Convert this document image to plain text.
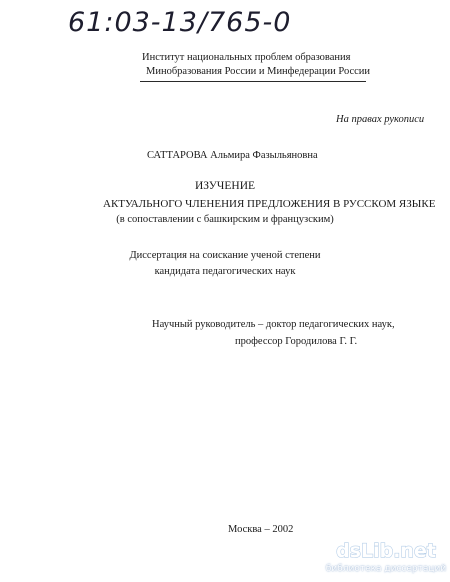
61:03-13/765-0
Институт национальных проблем образования
Минобразования России и Минфедерации России
На правах рукописи
САТТАРОВА Альмира Фазыльяновна
ИЗУЧЕНИЕ
АКТУАЛЬНОГО ЧЛЕНЕНИЯ ПРЕДЛОЖЕНИЯ В РУССКОМ ЯЗЫКЕ
(в сопоставлении с башкирским и французским)
Диссертация на соискание ученой степени
кандидата педагогических наук
Научный руководитель – доктор педагогических наук,
профессор Городилова Г. Г.
Москва – 2002
dsLib.net
библиотека диссертаций
